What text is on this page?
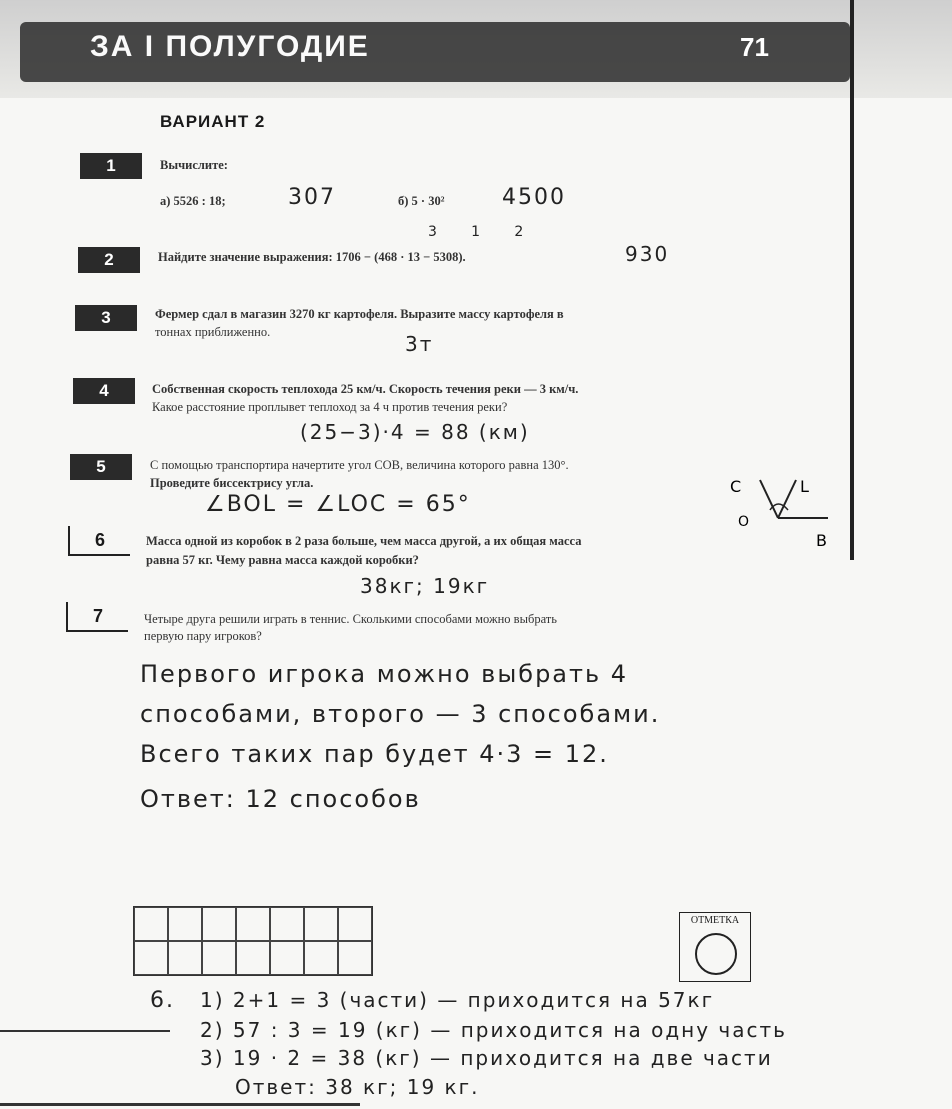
ЗА I ПОЛУГОДИЕ	71
ВАРИАНТ 2
1	Вычислите:
а) 5526 : 18;	б) 5 · 30²
307	4500
3     1     2
2	Найдите значение выражения: 1706 − (468 · 13 − 5308).	930
3	Фермер сдал в магазин 3270 кг картофеля. Выразите массу картофеля в
тоннах приближенно.	3т
4	Собственная скорость теплохода 25 км/ч. Скорость течения реки — 3 км/ч.
Какое расстояние проплывет теплоход за 4 ч против течения реки?
(25−3)·4 = 88 (км)
5	С помощью транспортира начертите угол COB, величина которого равна 130°.
Проведите биссектрису угла.
∠BOL = ∠LOC = 65°
C	L
O
B
6	Масса одной из коробок в 2 раза больше, чем масса другой, а их общая масса
равна 57 кг. Чему равна масса каждой коробки?
38кг; 19кг
7	Четыре друга решили играть в теннис. Сколькими способами можно выбрать
первую пару игроков?
Первого игрока можно выбрать 4
способами, второго — 3 способами.
Всего таких пар будет 4·3 = 12.
Ответ: 12 способов
ОТМЕТКА
6. 1) 2+1 = 3 (части) — приходится на 57кг
2) 57 : 3 = 19 (кг) — приходится на одну часть
3) 19 · 2 = 38 (кг) — приходится на две части
Ответ: 38 кг; 19 кг.
